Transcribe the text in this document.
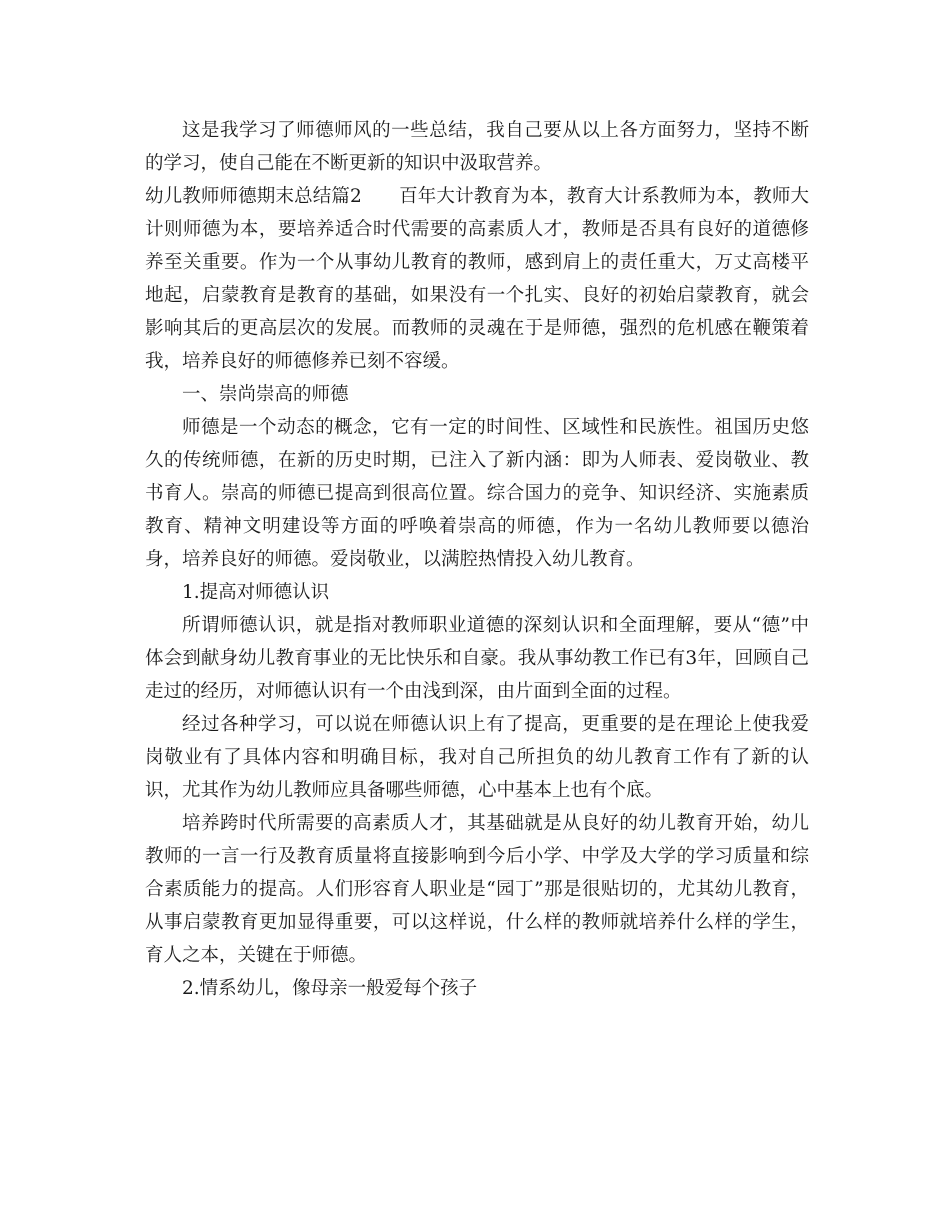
这是我学习了师德师风的一些总结，我自己要从以上各方面努力，坚持不断的学习，使自己能在不断更新的知识中汲取营养。

幼儿教师师德期末总结篇2　　百年大计教育为本，教育大计系教师为本，教师大计则师德为本，要培养适合时代需要的高素质人才，教师是否具有良好的道德修养至关重要。作为一个从事幼儿教育的教师，感到肩上的责任重大，万丈高楼平地起，启蒙教育是教育的基础，如果没有一个扎实、良好的初始启蒙教育，就会影响其后的更高层次的发展。而教师的灵魂在于是师德，强烈的危机感在鞭策着我，培养良好的师德修养已刻不容缓。

一、崇尚崇高的师德

师德是一个动态的概念，它有一定的时间性、区域性和民族性。祖国历史悠久的传统师德，在新的历史时期，已注入了新内涵：即为人师表、爱岗敬业、教书育人。崇高的师德已提高到很高位置。综合国力的竞争、知识经济、实施素质教育、精神文明建设等方面的呼唤着崇高的师德，作为一名幼儿教师要以德治身，培养良好的师德。爱岗敬业，以满腔热情投入幼儿教育。

1.提高对师德认识

所谓师德认识，就是指对教师职业道德的深刻认识和全面理解，要从“德”中体会到献身幼儿教育事业的无比快乐和自豪。我从事幼教工作已有3年，回顾自己走过的经历，对师德认识有一个由浅到深，由片面到全面的过程。

经过各种学习，可以说在师德认识上有了提高，更重要的是在理论上使我爱岗敬业有了具体内容和明确目标，我对自己所担负的幼儿教育工作有了新的认识，尤其作为幼儿教师应具备哪些师德，心中基本上也有个底。

培养跨时代所需要的高素质人才，其基础就是从良好的幼儿教育开始，幼儿教师的一言一行及教育质量将直接影响到今后小学、中学及大学的学习质量和综合素质能力的提高。人们形容育人职业是“园丁”那是很贴切的，尤其幼儿教育，从事启蒙教育更加显得重要，可以这样说，什么样的教师就培养什么样的学生，育人之本，关键在于师德。

2.情系幼儿，像母亲一般爱每个孩子
